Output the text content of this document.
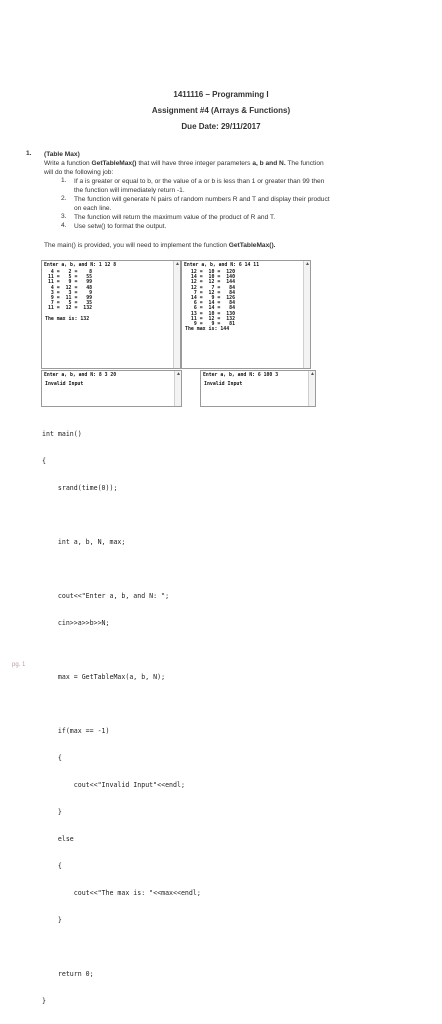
1411116 – Programming I
Assignment #4 (Arrays & Functions)
Due Date: 29/11/2017
1. (Table Max)
Write a function GetTableMax() that will have three integer parameters a, b and N. The function
will do the following job:
1. If a is greater or equal to b, or the value of a or b is less than 1 or greater than 99 then
the function will immediately return -1.
2. The function will generate N pairs of random numbers R and T and display their product
on each line.
3. The function will return the maximum value of the product of R and T.
4. Use setw() to format the output.
The main() is provided, you will need to implement the function GetTableMax().
Enter a, b, and N: 1 12 8
4 =   2 =    8
11 =   5 =   55
11 =   9 =   99
4 =  12 =   48
3 =   3 =    9
9 =  11 =   99
7 =   5 =   35
11 =  12 =  132

The max is: 132
▲ Enter a, b, and N: 6 14 11
12 =  10 =  120
14 =  10 =  140
12 =  12 =  144
12 =   7 =   84
7 =  12 =   84
14 =   9 =  126
6 =  14 =   84
6 =  14 =   84
13 =  10 =  130
11 =  12 =  132
9 =   9 =   81
The max is: 144
▲
Enter a, b, and N: 8 3 20
Invalid Input
▲	Enter a, b, and N: 6 100 3
Invalid Input
▲

int main()

{

srand(time(0));

int a, b, N, max;

cout<<"Enter a, b, and N: ";

cin>>a>>b>>N;

max = GetTableMax(a, b, N);

if(max == -1)

{

cout<<"Invalid Input"<<endl;

}

else

{

cout<<"The max is: "<<max<<endl;

}

return 0;

}

pg. 1
